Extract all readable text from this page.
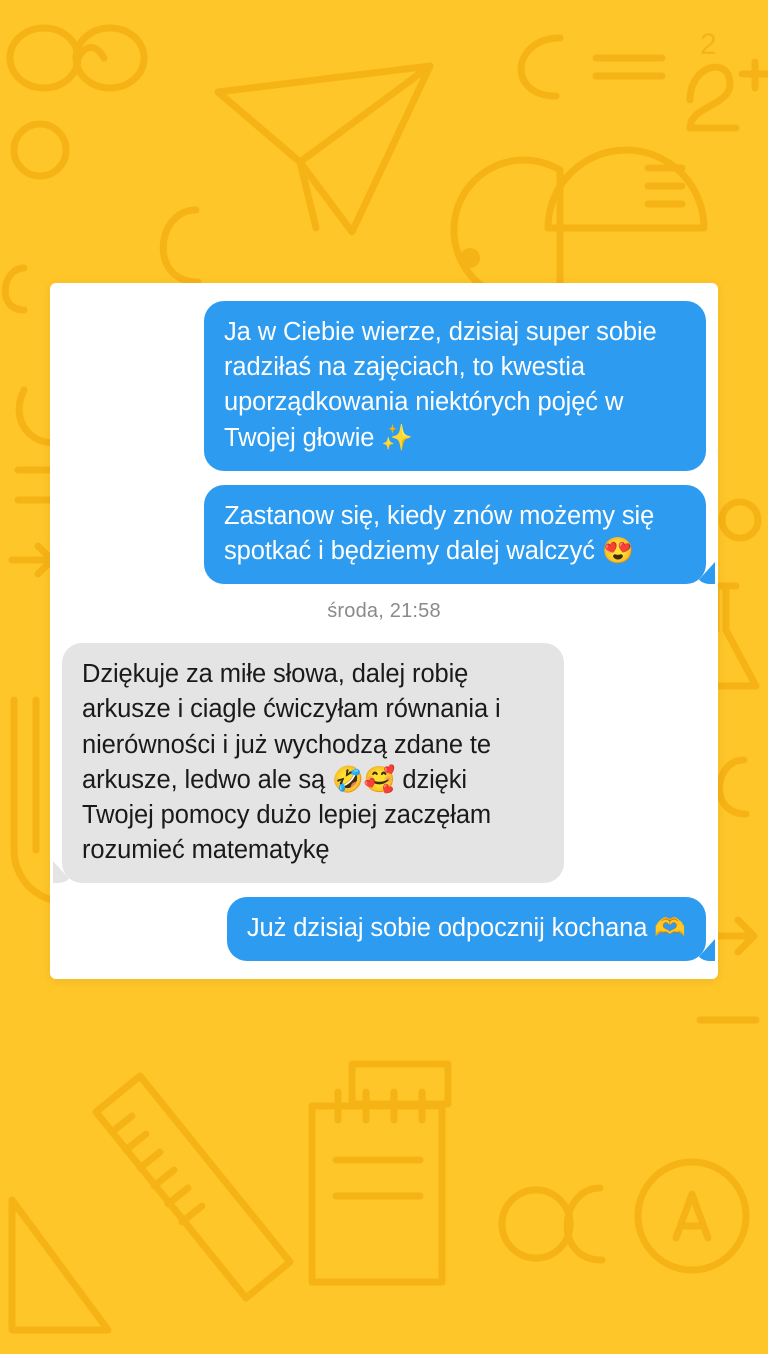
2
Ja w Ciebie wierze, dzisiaj super sobie radziłaś na zajęciach, to kwestia uporządkowania niektórych pojęć w Twojej głowie ✨
Zastanow się, kiedy znów możemy się spotkać i będziemy dalej walczyć 😍
środa, 21:58
Dziękuje za miłe słowa, dalej robię arkusze i ciagle ćwiczyłam równania i nierówności i już wychodzą zdane te arkusze, ledwo ale są 🤣🥰 dzięki Twojej pomocy dużo lepiej zaczęłam rozumieć matematykę
Już dzisiaj sobie odpocznij kochana 🫶
